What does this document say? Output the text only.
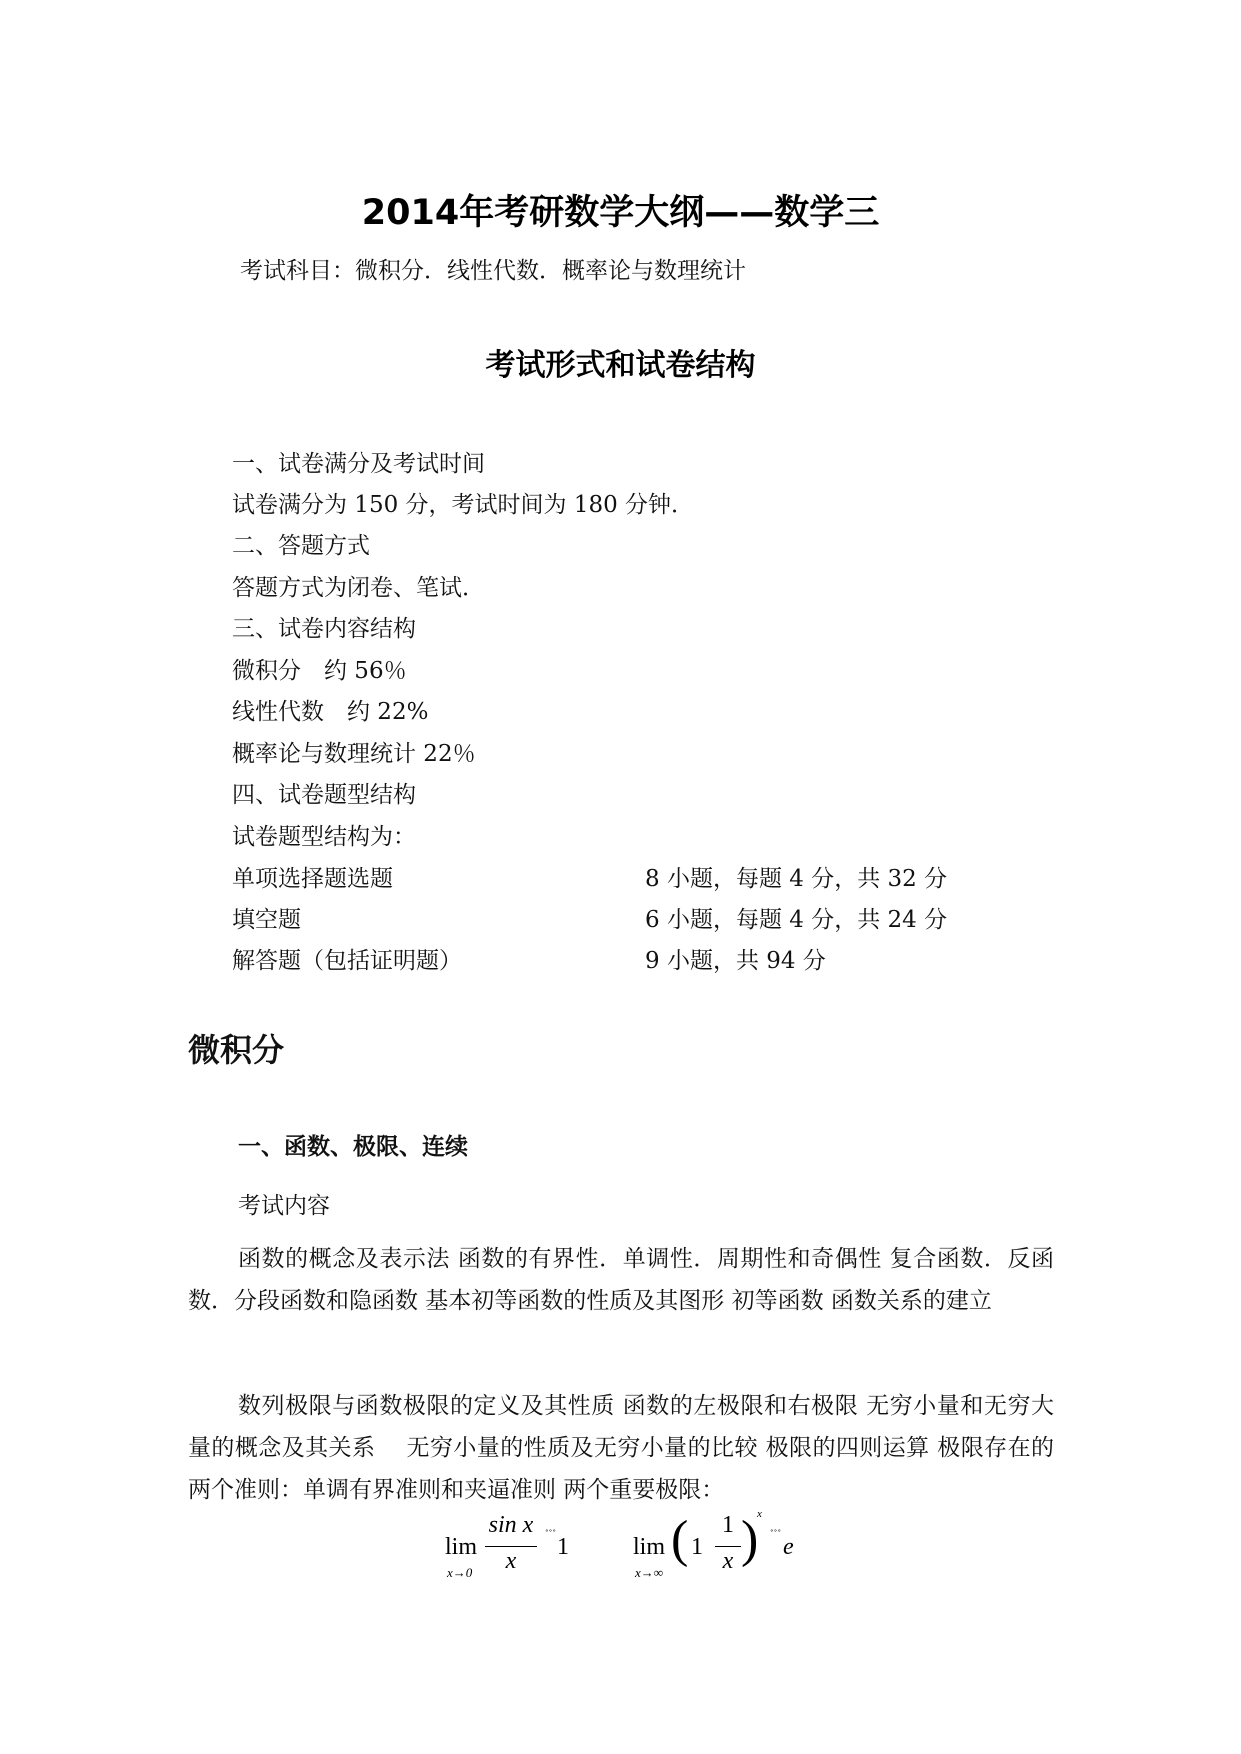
2014年考研数学大纲——数学三
考试科目：微积分．线性代数．概率论与数理统计
考试形式和试卷结构
一、试卷满分及考试时间
试卷满分为 150 分，考试时间为 180 分钟．
二、答题方式
答题方式为闭卷、笔试．
三、试卷内容结构
微积分　约 56％
线性代数　约 22%
概率论与数理统计 22％
四、试卷题型结构
试卷题型结构为：
单项选择题选题	8 小题，每题 4 分，共 32 分
填空题	6 小题，每题 4 分，共 24 分
解答题（包括证明题）	9 小题，共 94 分
微积分
一、函数、极限、连续
考试内容

函数的概念及表示法 函数的有界性．单调性．周期性和奇偶性 复合函数．反函数．分段函数和隐函数 基本初等函数的性质及其图形 初等函数 函数关系的建立

数列极限与函数极限的定义及其性质 函数的左极限和右极限 无穷小量和无穷大量的概念及其关系　 无穷小量的性质及无穷小量的比较 极限的四则运算 极限存在的两个准则：单调有界准则和夹逼准则 两个重要极限：

lim
x→0
sin x
x
˚˚˚ 1	lim
x→∞
( 1
1
x )
x
˚˚˚ e
